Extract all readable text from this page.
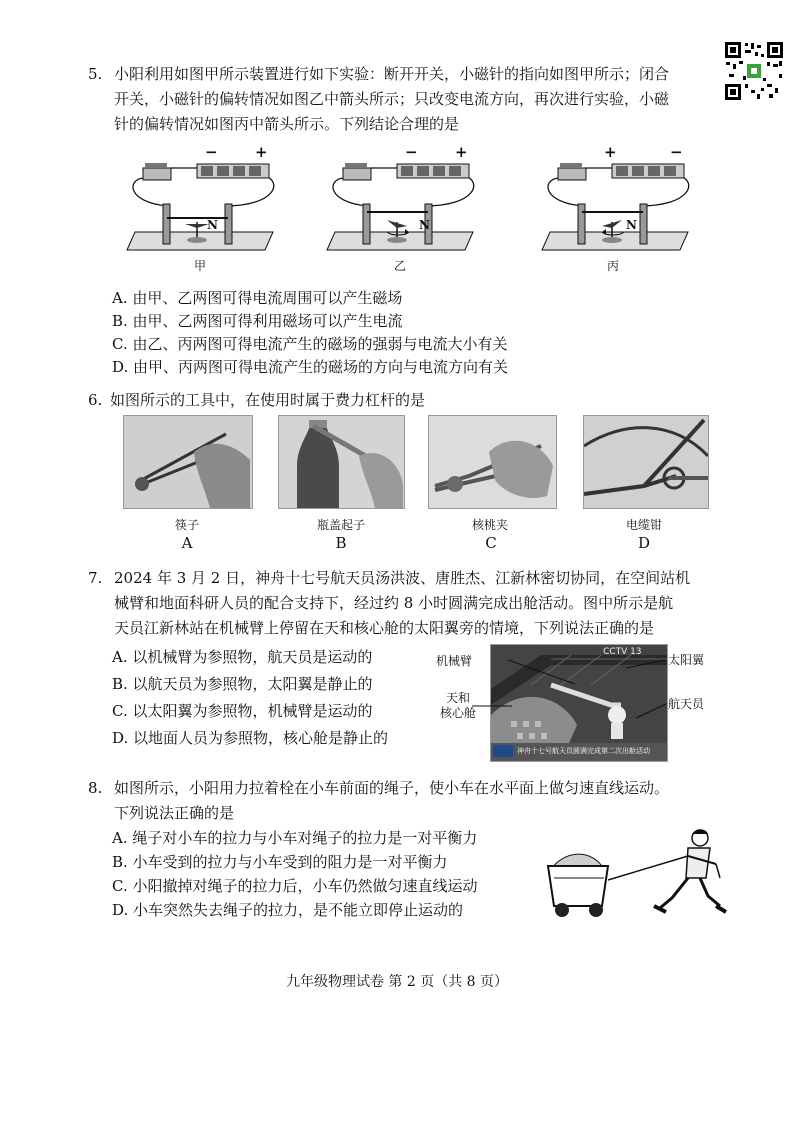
5. 小阳利用如图甲所示装置进行如下实验：断开开关，小磁针的指向如图甲所示；闭合
开关，小磁针的偏转情况如图乙中箭头所示；只改变电流方向，再次进行实验，小磁
针的偏转情况如图丙中箭头所示。下列结论合理的是
− +
N
甲
− +
N
乙
+	−
N
丙
A. 由甲、乙两图可得电流周围可以产生磁场
B. 由甲、乙两图可得利用磁场可以产生电流
C. 由乙、丙两图可得电流产生的磁场的强弱与电流大小有关
D. 由甲、丙两图可得电流产生的磁场的方向与电流方向有关
6. 如图所示的工具中，在使用时属于费力杠杆的是
筷子
A
瓶盖起子
B
核桃夹
C
电缆钳
D
7. 2024 年 3 月 2 日，神舟十七号航天员汤洪波、唐胜杰、江新林密切协同，在空间站机
械臂和地面科研人员的配合支持下，经过约 8 小时圆满完成出舱活动。图中所示是航
天员江新林站在机械臂上停留在天和核心舱的太阳翼旁的情境，下列说法正确的是
A. 以机械臂为参照物，航天员是运动的
B. 以航天员为参照物，太阳翼是静止的
C. 以太阳翼为参照物，机械臂是运动的
D. 以地面人员为参照物，核心舱是静止的
CCTV 13
神舟十七号航天员圆满完成第二次出舱活动
机械臂	太阳翼
天和
核心舱
航天员
8. 如图所示，小阳用力拉着栓在小车前面的绳子，使小车在水平面上做匀速直线运动。
下列说法正确的是
A. 绳子对小车的拉力与小车对绳子的拉力是一对平衡力
B. 小车受到的拉力与小车受到的阻力是一对平衡力
C. 小阳撤掉对绳子的拉力后，小车仍然做匀速直线运动
D. 小车突然失去绳子的拉力，是不能立即停止运动的
九年级物理试卷 第 2 页（共 8 页）
